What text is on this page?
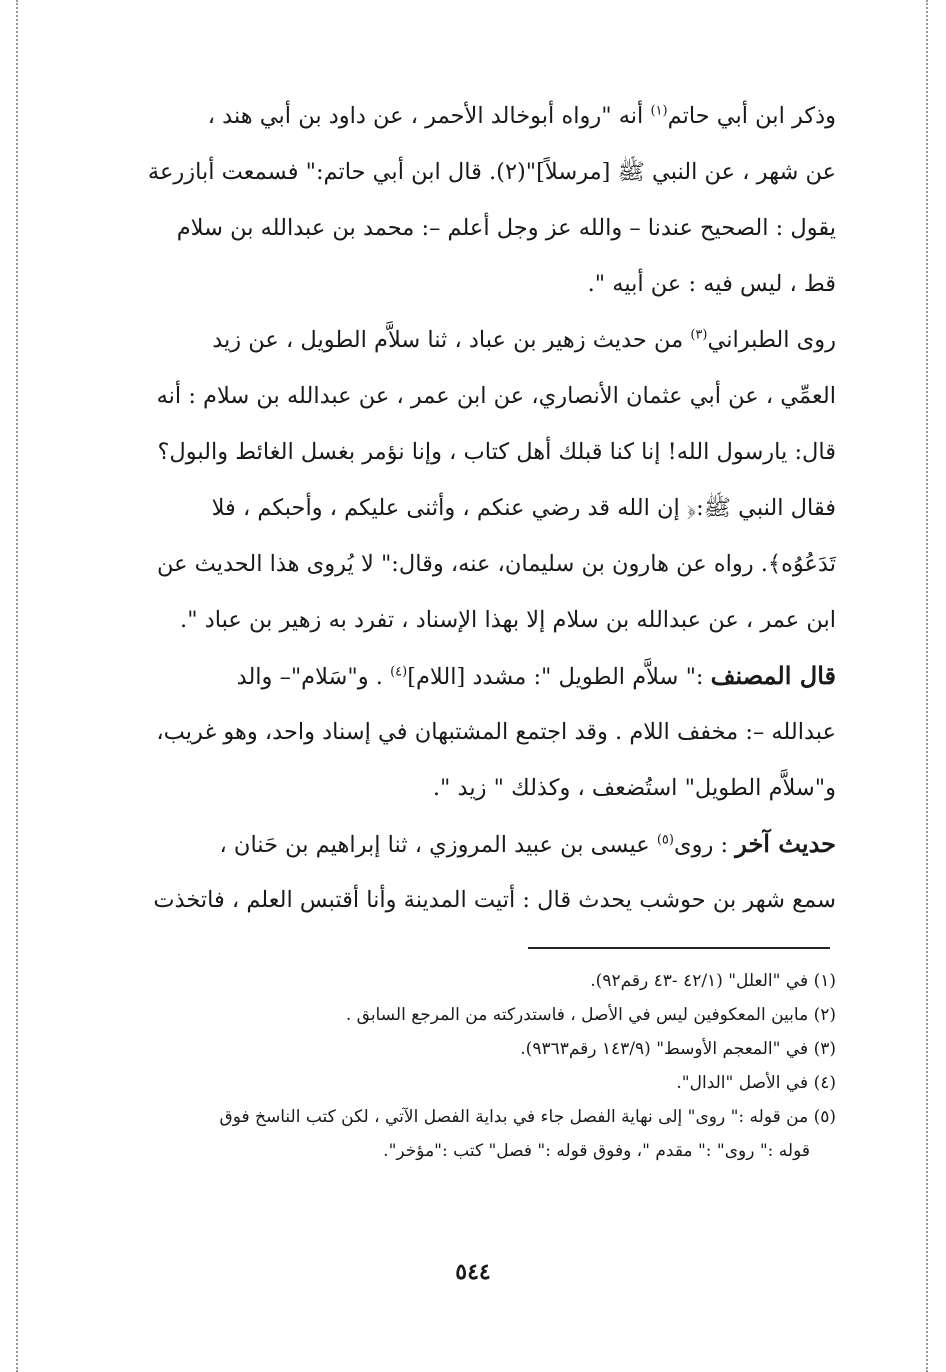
وذكر ابن أبي حاتم$^{(١)}$ أنه "رواه أبوخالد الأحمر ، عن داود بن أبي هند ،
عن شهر ، عن النبي ﷺ [مرسلاً]"(٢). قال ابن أبي حاتم:" فسمعت أبازرعة
يقول : الصحيح عندنا – والله عز وجل أعلم –: محمد بن عبدالله بن سلام
قط ، ليس فيه : عن أبيه ".
روى الطبراني$^{(٣)}$ من حديث زهير بن عباد ، ثنا سلاَّم الطويل ، عن زيد
العمِّي ، عن أبي عثمان الأنصاري، عن ابن عمر ، عن عبدالله بن سلام : أنه
قال: يارسول الله! إنا كنا قبلك أهل كتاب ، وإنا نؤمر بغسل الغائط والبول؟
فقال النبي ﷺ:﴿ إن الله قد رضي عنكم ، وأثنى عليكم ، وأحبكم ، فلا
تَدَعُوُه﴾. رواه عن هارون بن سليمان، عنه، وقال:" لا يُروى هذا الحديث عن
ابن عمر ، عن عبدالله بن سلام إلا بهذا الإسناد ، تفرد به زهير بن عباد ".
قال المصنف :" سلاَّم الطويل ": مشدد [اللام]$^{(٤)}$ . و"سَلام"– والد
عبدالله –: مخفف اللام . وقد اجتمع المشتبهان في إسناد واحد، وهو غريب،
و"سلاَّم الطويل" استُضعف ، وكذلك " زيد ".
حديث آخر : روى$^{(٥)}$ عيسى بن عبيد المروزي ، ثنا إبراهيم بن حَنان ،
سمع شهر بن حوشب يحدث قال : أتيت المدينة وأنا أقتبس العلم ، فاتخذت
(١) في "العلل" (٤٢/١ -٤٣ رقم٩٢).
(٢) مابين المعكوفين ليس في الأصل ، فاستدركته من المرجع السابق .
(٣) في "المعجم الأوسط" (١٤٣/٩ رقم٩٣٦٣).
(٤) في الأصل "الدال".
(٥) من قوله :" روى" إلى نهاية الفصل جاء في بداية الفصل الآتي ، لكن كتب الناسخ فوق
قوله :" روى" :" مقدم "، وفوق قوله :" فصل" كتب :"مؤخر".
٥٤٤
